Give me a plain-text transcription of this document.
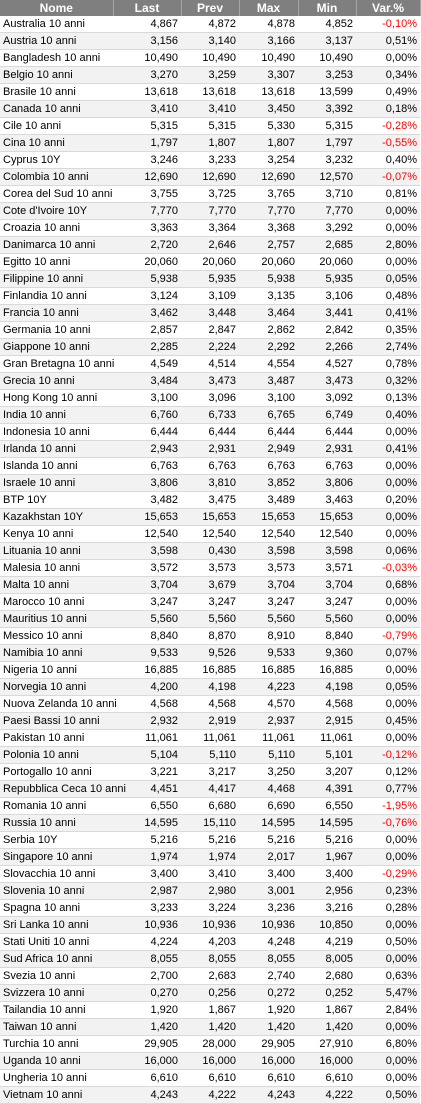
Nome	Last	Prev	Max	Min	Var.%
Australia 10 anni	4,867	4,872	4,878	4,852	-0,10%
Austria 10 anni	3,156	3,140	3,166	3,137	0,51%
Bangladesh 10 anni	10,490	10,490	10,490	10,490	0,00%
Belgio 10 anni	3,270	3,259	3,307	3,253	0,34%
Brasile 10 anni	13,618	13,618	13,618	13,599	0,49%
Canada 10 anni	3,410	3,410	3,450	3,392	0,18%
Cile 10 anni	5,315	5,315	5,330	5,315	-0,28%
Cina 10 anni	1,797	1,807	1,807	1,797	-0,55%
Cyprus 10Y	3,246	3,233	3,254	3,232	0,40%
Colombia 10 anni	12,690	12,690	12,690	12,570	-0,07%
Corea del Sud 10 anni	3,755	3,725	3,765	3,710	0,81%
Cote d'Ivoire 10Y	7,770	7,770	7,770	7,770	0,00%
Croazia 10 anni	3,363	3,364	3,368	3,292	0,00%
Danimarca 10 anni	2,720	2,646	2,757	2,685	2,80%
Egitto 10 anni	20,060	20,060	20,060	20,060	0,00%
Filippine 10 anni	5,938	5,935	5,938	5,935	0,05%
Finlandia 10 anni	3,124	3,109	3,135	3,106	0,48%
Francia 10 anni	3,462	3,448	3,464	3,441	0,41%
Germania 10 anni	2,857	2,847	2,862	2,842	0,35%
Giappone 10 anni	2,285	2,224	2,292	2,266	2,74%
Gran Bretagna 10 anni	4,549	4,514	4,554	4,527	0,78%
Grecia 10 anni	3,484	3,473	3,487	3,473	0,32%
Hong Kong 10 anni	3,100	3,096	3,100	3,092	0,13%
India 10 anni	6,760	6,733	6,765	6,749	0,40%
Indonesia 10 anni	6,444	6,444	6,444	6,444	0,00%
Irlanda 10 anni	2,943	2,931	2,949	2,931	0,41%
Islanda 10 anni	6,763	6,763	6,763	6,763	0,00%
Israele 10 anni	3,806	3,810	3,852	3,806	0,00%
BTP 10Y	3,482	3,475	3,489	3,463	0,20%
Kazakhstan 10Y	15,653	15,653	15,653	15,653	0,00%
Kenya 10 anni	12,540	12,540	12,540	12,540	0,00%
Lituania 10 anni	3,598	0,430	3,598	3,598	0,06%
Malesia 10 anni	3,572	3,573	3,573	3,571	-0,03%
Malta 10 anni	3,704	3,679	3,704	3,704	0,68%
Marocco 10 anni	3,247	3,247	3,247	3,247	0,00%
Mauritius 10 anni	5,560	5,560	5,560	5,560	0,00%
Messico 10 anni	8,840	8,870	8,910	8,840	-0,79%
Namibia 10 anni	9,533	9,526	9,533	9,360	0,07%
Nigeria 10 anni	16,885	16,885	16,885	16,885	0,00%
Norvegia 10 anni	4,200	4,198	4,223	4,198	0,05%
Nuova Zelanda 10 anni	4,568	4,568	4,570	4,568	0,00%
Paesi Bassi 10 anni	2,932	2,919	2,937	2,915	0,45%
Pakistan 10 anni	11,061	11,061	11,061	11,061	0,00%
Polonia 10 anni	5,104	5,110	5,110	5,101	-0,12%
Portogallo 10 anni	3,221	3,217	3,250	3,207	0,12%
Repubblica Ceca 10 anni	4,451	4,417	4,468	4,391	0,77%
Romania 10 anni	6,550	6,680	6,690	6,550	-1,95%
Russia 10 anni	14,595	15,110	14,595	14,595	-0,76%
Serbia 10Y	5,216	5,216	5,216	5,216	0,00%
Singapore 10 anni	1,974	1,974	2,017	1,967	0,00%
Slovacchia 10 anni	3,400	3,410	3,400	3,400	-0,29%
Slovenia 10 anni	2,987	2,980	3,001	2,956	0,23%
Spagna 10 anni	3,233	3,224	3,236	3,216	0,28%
Sri Lanka 10 anni	10,936	10,936	10,936	10,850	0,00%
Stati Uniti 10 anni	4,224	4,203	4,248	4,219	0,50%
Sud Africa 10 anni	8,055	8,055	8,055	8,005	0,00%
Svezia 10 anni	2,700	2,683	2,740	2,680	0,63%
Svizzera 10 anni	0,270	0,256	0,272	0,252	5,47%
Tailandia 10 anni	1,920	1,867	1,920	1,867	2,84%
Taiwan 10 anni	1,420	1,420	1,420	1,420	0,00%
Turchia 10 anni	29,905	28,000	29,905	27,910	6,80%
Uganda 10 anni	16,000	16,000	16,000	16,000	0,00%
Ungheria 10 anni	6,610	6,610	6,610	6,610	0,00%
Vietnam 10 anni	4,243	4,222	4,243	4,222	0,50%
